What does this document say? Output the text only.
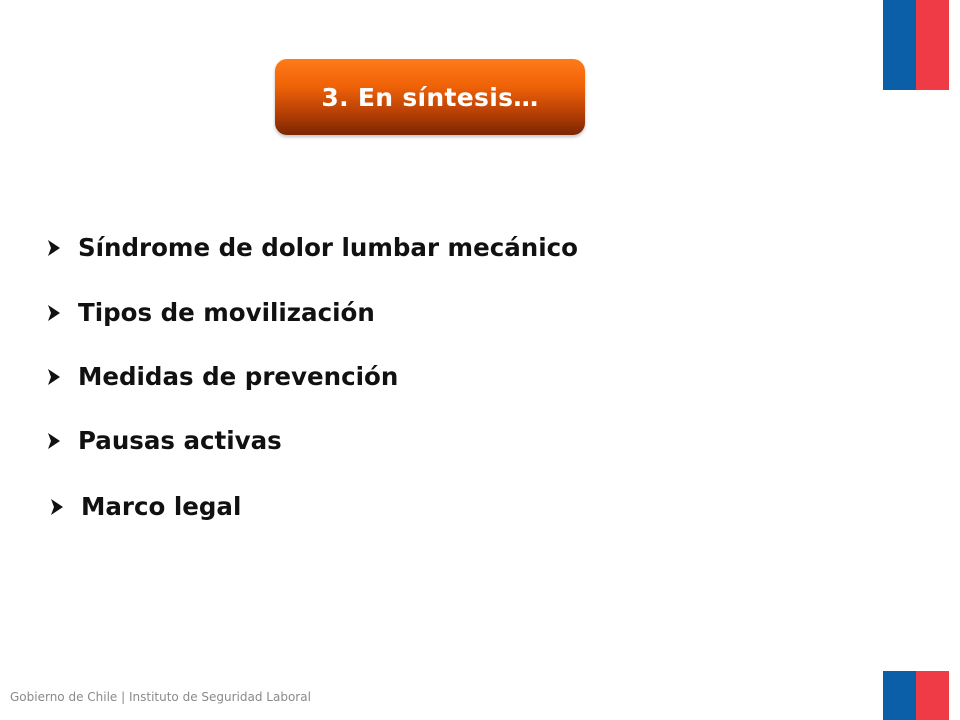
3. En síntesis…
Síndrome de dolor lumbar mecánico
Tipos de movilización
Medidas de prevención
Pausas activas
Marco legal
Gobierno de Chile | Instituto de Seguridad Laboral
